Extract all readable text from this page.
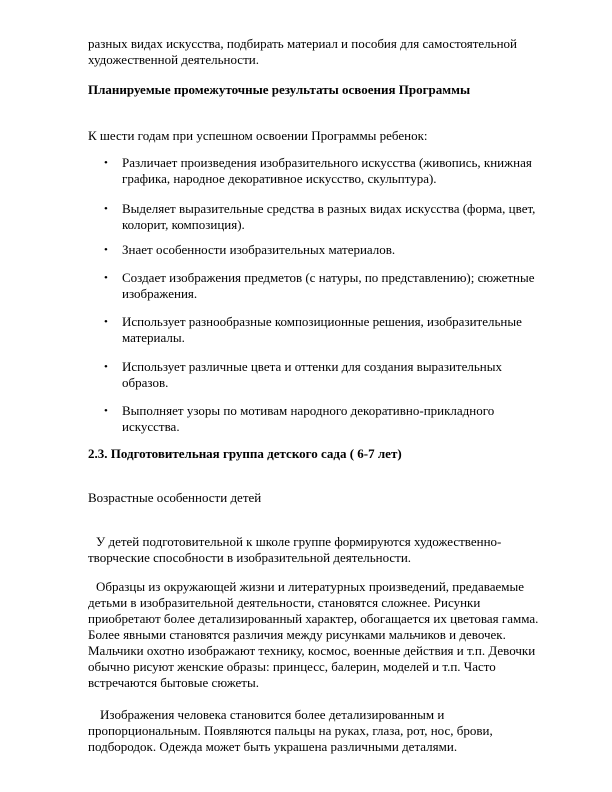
разных видах искусства, подбирать материал и пособия для самостоятельной
художественной деятельности.
Планируемые промежуточные результаты освоения Программы
К шести годам при успешном освоении Программы ребенок:
• Различает произведения изобразительного искусства (живопись, книжная
графика, народное декоративное искусство, скульптура).
• Выделяет выразительные средства в разных видах искусства (форма, цвет,
колорит, композиция).
• Знает особенности изобразительных материалов.
• Создает изображения предметов (с натуры, по представлению); сюжетные
изображения.
• Использует разнообразные композиционные решения, изобразительные
материалы.
• Использует различные цвета и оттенки для создания выразительных
образов.
• Выполняет узоры по мотивам народного декоративно-прикладного
искусства.
2.3. Подготовительная группа детского сада ( 6-7 лет)
Возрастные особенности детей
У детей подготовительной к школе группе формируются художественно-
творческие способности в изобразительной деятельности.
Образцы из окружающей жизни и литературных произведений, предаваемые
детьми в изобразительной деятельности, становятся сложнее. Рисунки
приобретают более детализированный характер, обогащается их цветовая гамма.
Более явными становятся различия между рисунками мальчиков и девочек.
Мальчики охотно изображают технику, космос, военные действия и т.п. Девочки
обычно рисуют женские образы: принцесс, балерин, моделей и т.п. Часто
встречаются бытовые сюжеты.
Изображения человека становится более детализированным и
пропорциональным. Появляются пальцы на руках, глаза, рот, нос, брови,
подбородок. Одежда может быть украшена различными деталями.
